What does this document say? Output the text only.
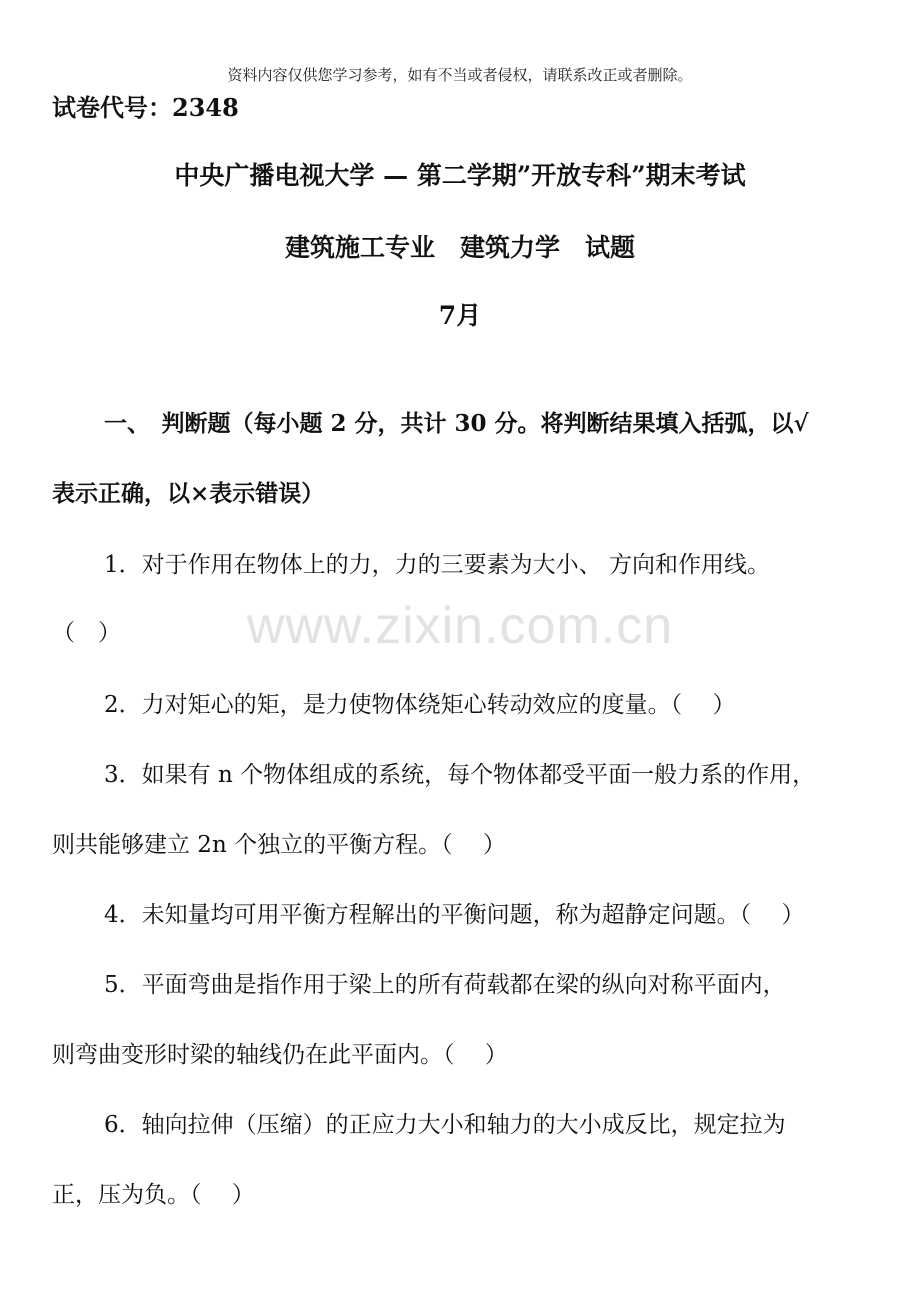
资料内容仅供您学习参考，如有不当或者侵权，请联系改正或者删除。
试卷代号：2348
中央广播电视大学 — 第二学期”开放专科”期末考试
建筑施工专业　建筑力学　试题
7月
一、　判断题（每小题 2 分，共计 30 分。将判断结果填入括弧，以√
表示正确，以×表示错误）
www.zixin.com.cn
1．对于作用在物体上的力，力的三要素为大小、 方向和作用线。
（　）
2．力对矩心的矩，是力使物体绕矩心转动效应的度量。（　 ）
3．如果有 n 个物体组成的系统，每个物体都受平面一般力系的作用，
则共能够建立 2n 个独立的平衡方程。（　 ）
4．未知量均可用平衡方程解出的平衡问题，称为超静定问题。（　 ）
5．平面弯曲是指作用于梁上的所有荷载都在梁的纵向对称平面内，
则弯曲变形时梁的轴线仍在此平面内。（　 ）
6．轴向拉伸（压缩）的正应力大小和轴力的大小成反比，规定拉为
正，压为负。（　 ）
